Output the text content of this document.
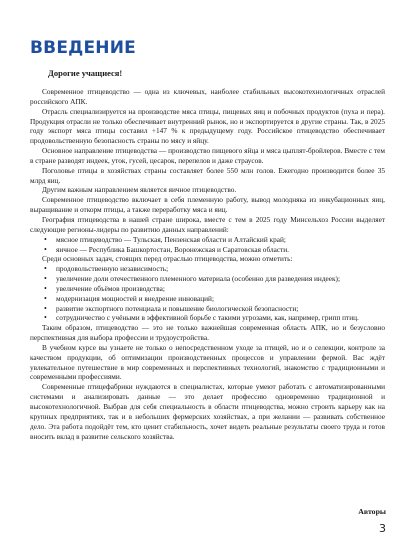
ВВЕДЕНИЕ
Дорогие учащиеся!

Современное птицеводство — одна из ключевых, наиболее стабильных высокотехнологичных отраслей российского АПК.

Отрасль специализируется на производстве мяса птицы, пищевых яиц и побочных продуктов (пуха и пера). Продукция отрасли не только обеспечивает внутренний рынок, но и экспортируется в другие страны. Так, в 2025 году экспорт мяса птицы составил +147 % к предыдущему году. Российское птицеводство обеспечивает продовольственную безопасность страны по мясу и яйцу.

Основное направление птицеводства — производство пищевого яйца и мяса цыплят-бройлеров. Вместе с тем в стране разводят индеек, уток, гусей, цесарок, перепелов и даже страусов.

Поголовье птицы в хозяйствах страны составляет более 550 млн голов. Ежегодно производится более 35 млрд яиц.

Другим важным направлением является яичное птицеводство.

Современное птицеводство включает в себя племенную работу, вывод молодняка из инкубационных яиц, выращивание и откорм птицы, а также переработку мяса и яиц.

География птицеводства в нашей стране широка, вместе с тем в 2025 году Минсельхоз России выделяет следующие регионы-лидеры по развитию данных направлений:

• мясное птицеводство — Тульская, Пензенская области и Алтайский край;
• яичное — Республика Башкортостан, Воронежская и Саратовская области.

Среди основных задач, стоящих перед отраслью птицеводства, можно отметить:

• продовольственную независимость;
• увеличение доли отечественного племенного материала (особенно для разведения индеек);
• увеличение объёмов производства;
• модернизация мощностей и внедрение инноваций;
• развитие экспортного потенциала и повышение биологической безопасности;
• сотрудничество с учёными в эффективной борьбе с такими угрозами, как, например, грипп птиц.

Таким образом, птицеводство — это не только важнейшая современная область АПК, но и безусловно перспективная для выбора профессии и трудоустройства.

В учебном курсе вы узнаете не только о непосредственном уходе за птицей, но и о селекции, контроле за качеством продукции, об оптимизации производственных процессов и управлении фермой. Вас ждёт увлекательное путешествие в мир современных и перспективных технологий, знакомство с традиционными и современными профессиями.

Современные птицефабрики нуждаются в специалистах, которые умеют работать с автоматизированными системами и анализировать данные — это делает профессию одновременно традиционной и высокотехнологичной. Выбрав для себя специальность в области птицеводства, можно строить карьеру как на крупных предприятиях, так и в небольших фермерских хозяйствах, а при желании — развивать собственное дело. Эта работа подойдёт тем, кто ценит стабильность, хочет видеть реальные результаты своего труда и готов вносить вклад в развитие сельского хозяйства.

Авторы
3
